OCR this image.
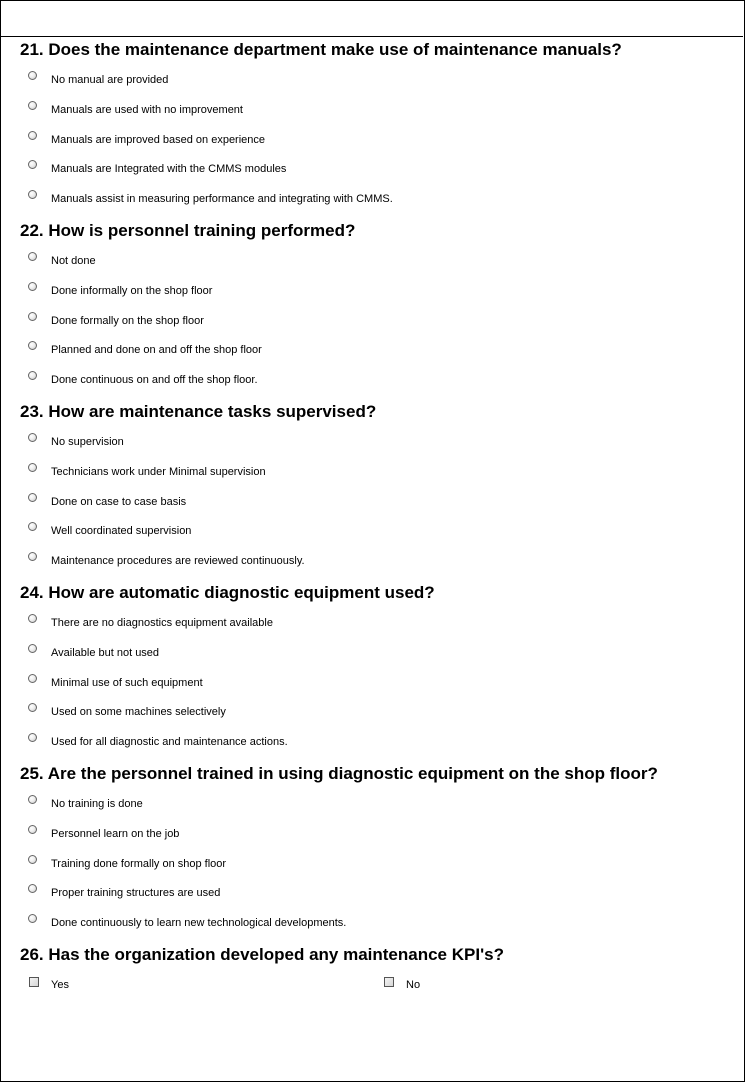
21. Does the maintenance department make use of maintenance manuals?
No manual are provided
Manuals are used with no improvement
Manuals are improved based on experience
Manuals are Integrated with the CMMS modules
Manuals assist in measuring performance and integrating with CMMS.
22. How is personnel training performed?
Not done
Done informally on the shop floor
Done formally on the shop floor
Planned and done on and off the shop floor
Done continuous on and off the shop floor.
23. How are maintenance tasks supervised?
No supervision
Technicians work under Minimal supervision
Done on case to case basis
Well coordinated supervision
Maintenance procedures are reviewed continuously.
24. How are automatic diagnostic equipment used?
There are no diagnostics equipment available
Available but not used
Minimal use of such equipment
Used on some machines selectively
Used for all diagnostic and maintenance actions.
25. Are the personnel trained in using diagnostic equipment on the shop floor?
No training is done
Personnel learn on the job
Training done formally on shop floor
Proper training structures are used
Done continuously to learn new technological developments.
26. Has the organization developed any maintenance KPI's?
Yes	No
